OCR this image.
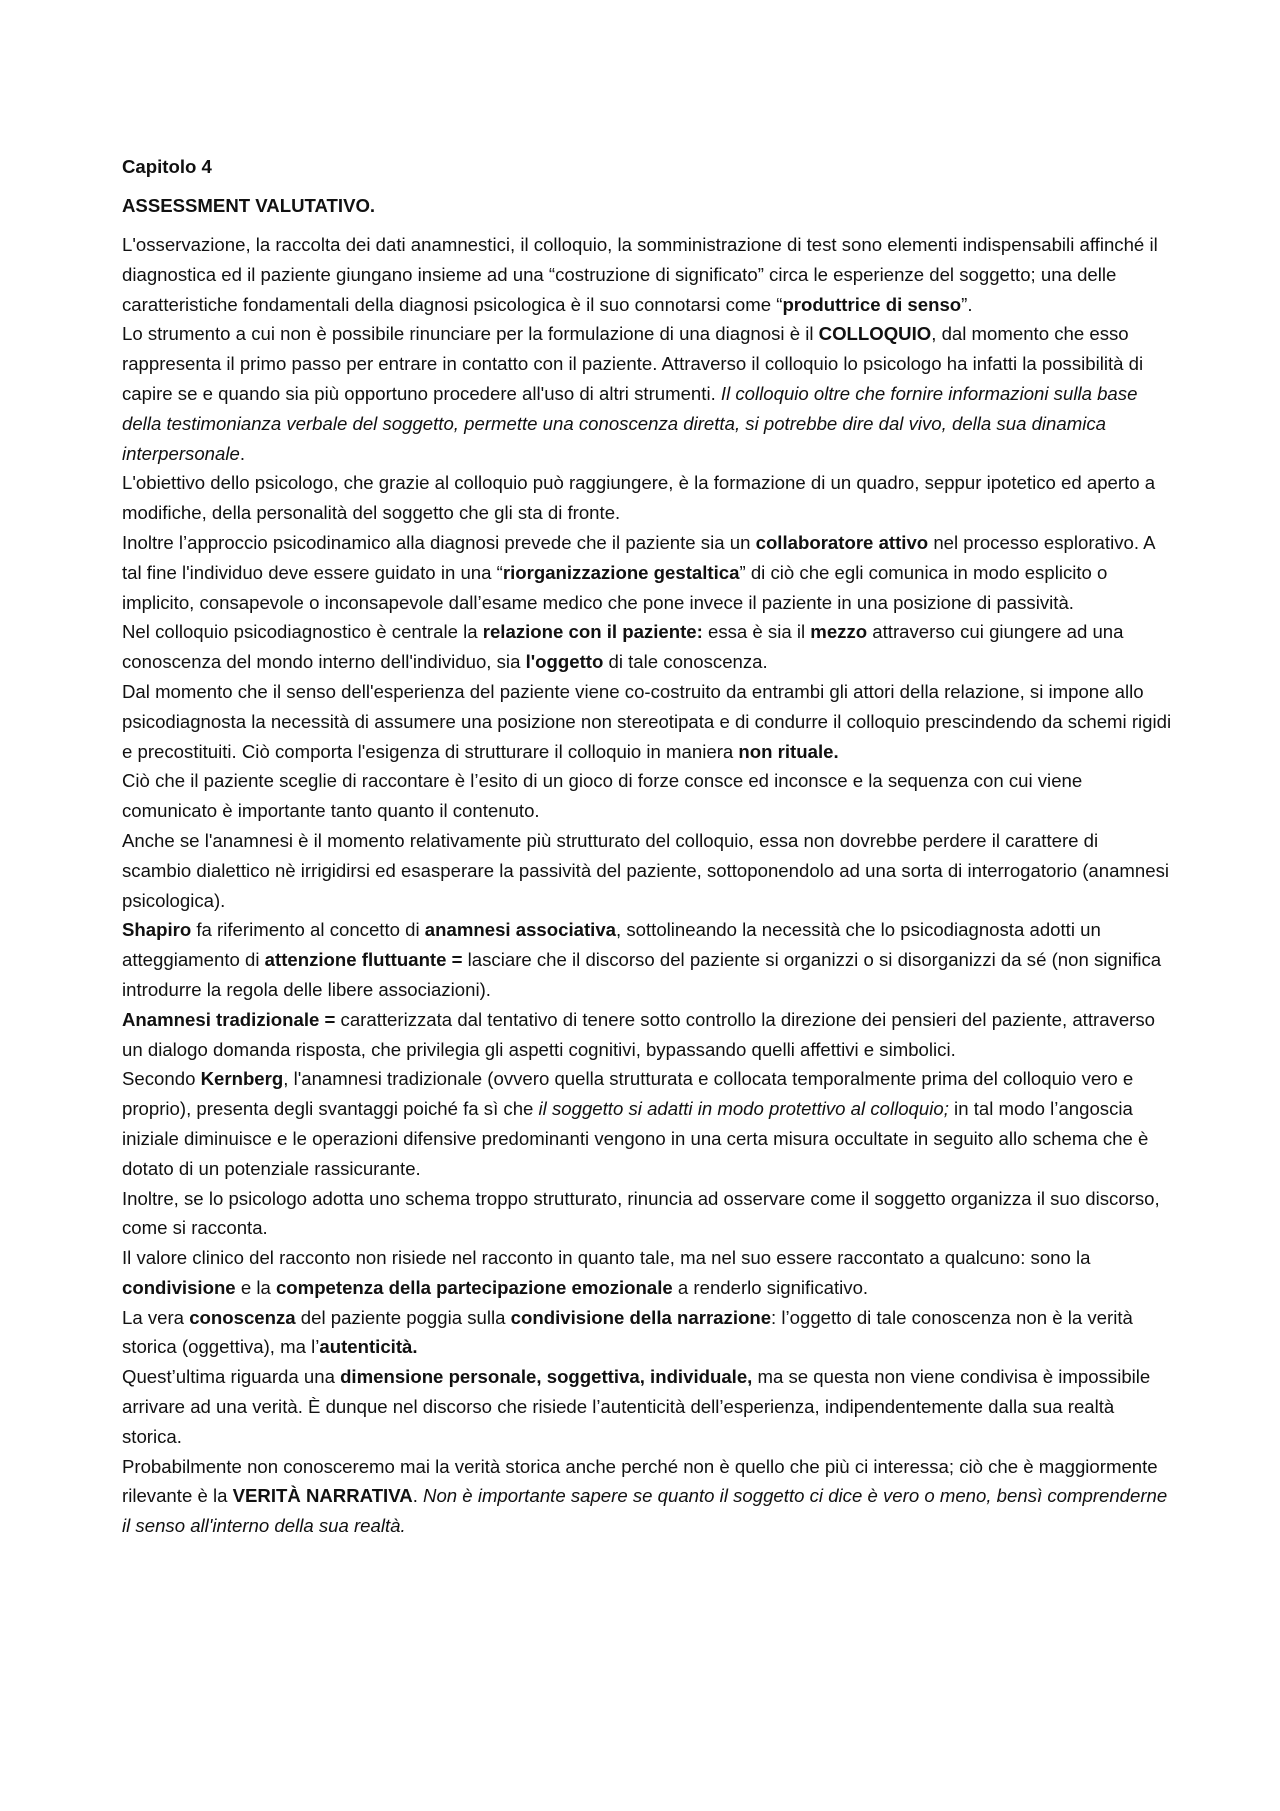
Capitolo 4
ASSESSMENT VALUTATIVO.

L'osservazione, la raccolta dei dati anamnestici, il colloquio, la somministrazione di test sono elementi indispensabili affinché il diagnostica ed il paziente giungano insieme ad una “costruzione di significato” circa le esperienze del soggetto; una delle caratteristiche fondamentali della diagnosi psicologica è il suo connotarsi come “produttrice di senso”.

Lo strumento a cui non è possibile rinunciare per la formulazione di una diagnosi è il COLLOQUIO, dal momento che esso rappresenta il primo passo per entrare in contatto con il paziente. Attraverso il colloquio lo psicologo ha infatti la possibilità di capire se e quando sia più opportuno procedere all'uso di altri strumenti. Il colloquio oltre che fornire informazioni sulla base della testimonianza verbale del soggetto, permette una conoscenza diretta, si potrebbe dire dal vivo, della sua dinamica interpersonale.

L'obiettivo dello psicologo, che grazie al colloquio può raggiungere, è la formazione di un quadro, seppur ipotetico ed aperto a modifiche, della personalità del soggetto che gli sta di fronte.

Inoltre l’approccio psicodinamico alla diagnosi prevede che il paziente sia un collaboratore attivo nel processo esplorativo. A tal fine l'individuo deve essere guidato in una “riorganizzazione gestaltica” di ciò che egli comunica in modo esplicito o implicito, consapevole o inconsapevole dall’esame medico che pone invece il paziente in una posizione di passività.

Nel colloquio psicodiagnostico è centrale la relazione con il paziente: essa è sia il mezzo attraverso cui giungere ad una conoscenza del mondo interno dell'individuo, sia l'oggetto di tale conoscenza.

Dal momento che il senso dell'esperienza del paziente viene co-costruito da entrambi gli attori della relazione, si impone allo psicodiagnosta la necessità di assumere una posizione non stereotipata e di condurre il colloquio prescindendo da schemi rigidi e precostituiti. Ciò comporta l'esigenza di strutturare il colloquio in maniera non rituale.

Ciò che il paziente sceglie di raccontare è l’esito di un gioco di forze consce ed inconsce e la sequenza con cui viene comunicato è importante tanto quanto il contenuto.

Anche se l'anamnesi è il momento relativamente più strutturato del colloquio, essa non dovrebbe perdere il carattere di scambio dialettico nè irrigidirsi ed esasperare la passività del paziente, sottoponendolo ad una sorta di interrogatorio (anamnesi psicologica).

Shapiro fa riferimento al concetto di anamnesi associativa, sottolineando la necessità che lo psicodiagnosta adotti un atteggiamento di attenzione fluttuante = lasciare che il discorso del paziente si organizzi o si disorganizzi da sé (non significa introdurre la regola delle libere associazioni).

Anamnesi tradizionale = caratterizzata dal tentativo di tenere sotto controllo la direzione dei pensieri del paziente, attraverso un dialogo domanda risposta, che privilegia gli aspetti cognitivi, bypassando quelli affettivi e simbolici.

Secondo Kernberg, l'anamnesi tradizionale (ovvero quella strutturata e collocata temporalmente prima del colloquio vero e proprio), presenta degli svantaggi poiché fa sì che il soggetto si adatti in modo protettivo al colloquio; in tal modo l’angoscia iniziale diminuisce e le operazioni difensive predominanti vengono in una certa misura occultate in seguito allo schema che è dotato di un potenziale rassicurante.

Inoltre, se lo psicologo adotta uno schema troppo strutturato, rinuncia ad osservare come il soggetto organizza il suo discorso, come si racconta.

Il valore clinico del racconto non risiede nel racconto in quanto tale, ma nel suo essere raccontato a qualcuno: sono la condivisione e la competenza della partecipazione emozionale a renderlo significativo.

La vera conoscenza del paziente poggia sulla condivisione della narrazione: l’oggetto di tale conoscenza non è la verità storica (oggettiva), ma l’autenticità.

Quest’ultima riguarda una dimensione personale, soggettiva, individuale, ma se questa non viene condivisa è impossibile arrivare ad una verità. È dunque nel discorso che risiede l’autenticità dell’esperienza, indipendentemente dalla sua realtà storica.

Probabilmente non conosceremo mai la verità storica anche perché non è quello che più ci interessa; ciò che è maggiormente rilevante è la VERITÀ NARRATIVA. Non è importante sapere se quanto il soggetto ci dice è vero o meno, bensì comprenderne il senso all'interno della sua realtà.
